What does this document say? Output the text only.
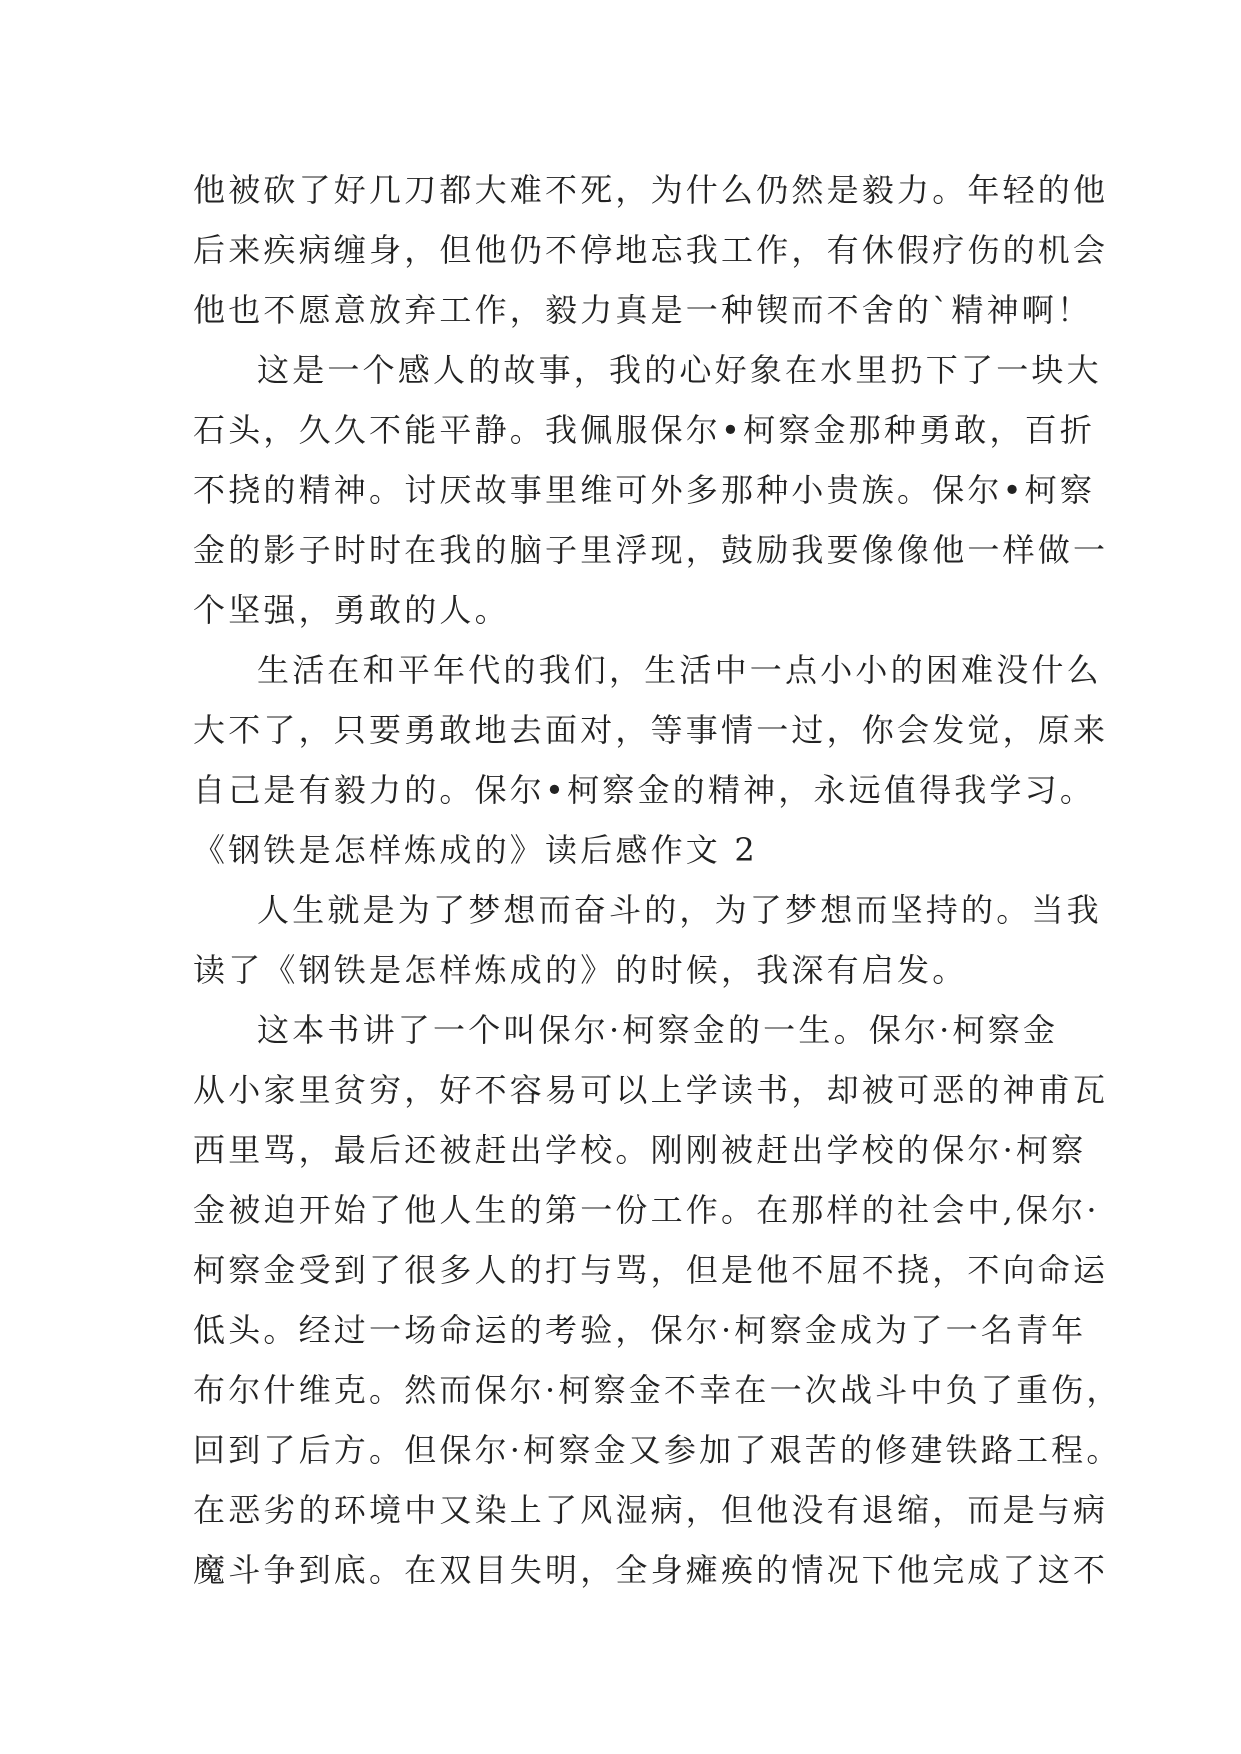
他被砍了好几刀都大难不死，为什么仍然是毅力。年轻的他
后来疾病缠身，但他仍不停地忘我工作，有休假疗伤的机会
他也不愿意放弃工作，毅力真是一种锲而不舍的`精神啊！
这是一个感人的故事，我的心好象在水里扔下了一块大
石头，久久不能平静。我佩服保尔•柯察金那种勇敢，百折
不挠的精神。讨厌故事里维可外多那种小贵族。保尔•柯察
金的影子时时在我的脑子里浮现，鼓励我要像像他一样做一
个坚强，勇敢的人。
生活在和平年代的我们，生活中一点小小的困难没什么
大不了，只要勇敢地去面对，等事情一过，你会发觉，原来
自己是有毅力的。保尔•柯察金的精神，永远值得我学习。
《钢铁是怎样炼成的》读后感作文 2
人生就是为了梦想而奋斗的，为了梦想而坚持的。当我
读了《钢铁是怎样炼成的》的时候，我深有启发。
这本书讲了一个叫保尔·柯察金的一生。保尔·柯察金
从小家里贫穷，好不容易可以上学读书，却被可恶的神甫瓦
西里骂，最后还被赶出学校。刚刚被赶出学校的保尔·柯察
金被迫开始了他人生的第一份工作。在那样的社会中,保尔·
柯察金受到了很多人的打与骂，但是他不屈不挠，不向命运
低头。经过一场命运的考验，保尔·柯察金成为了一名青年
布尔什维克。然而保尔·柯察金不幸在一次战斗中负了重伤，
回到了后方。但保尔·柯察金又参加了艰苦的修建铁路工程。
在恶劣的环境中又染上了风湿病，但他没有退缩，而是与病
魔斗争到底。在双目失明，全身瘫痪的情况下他完成了这不
